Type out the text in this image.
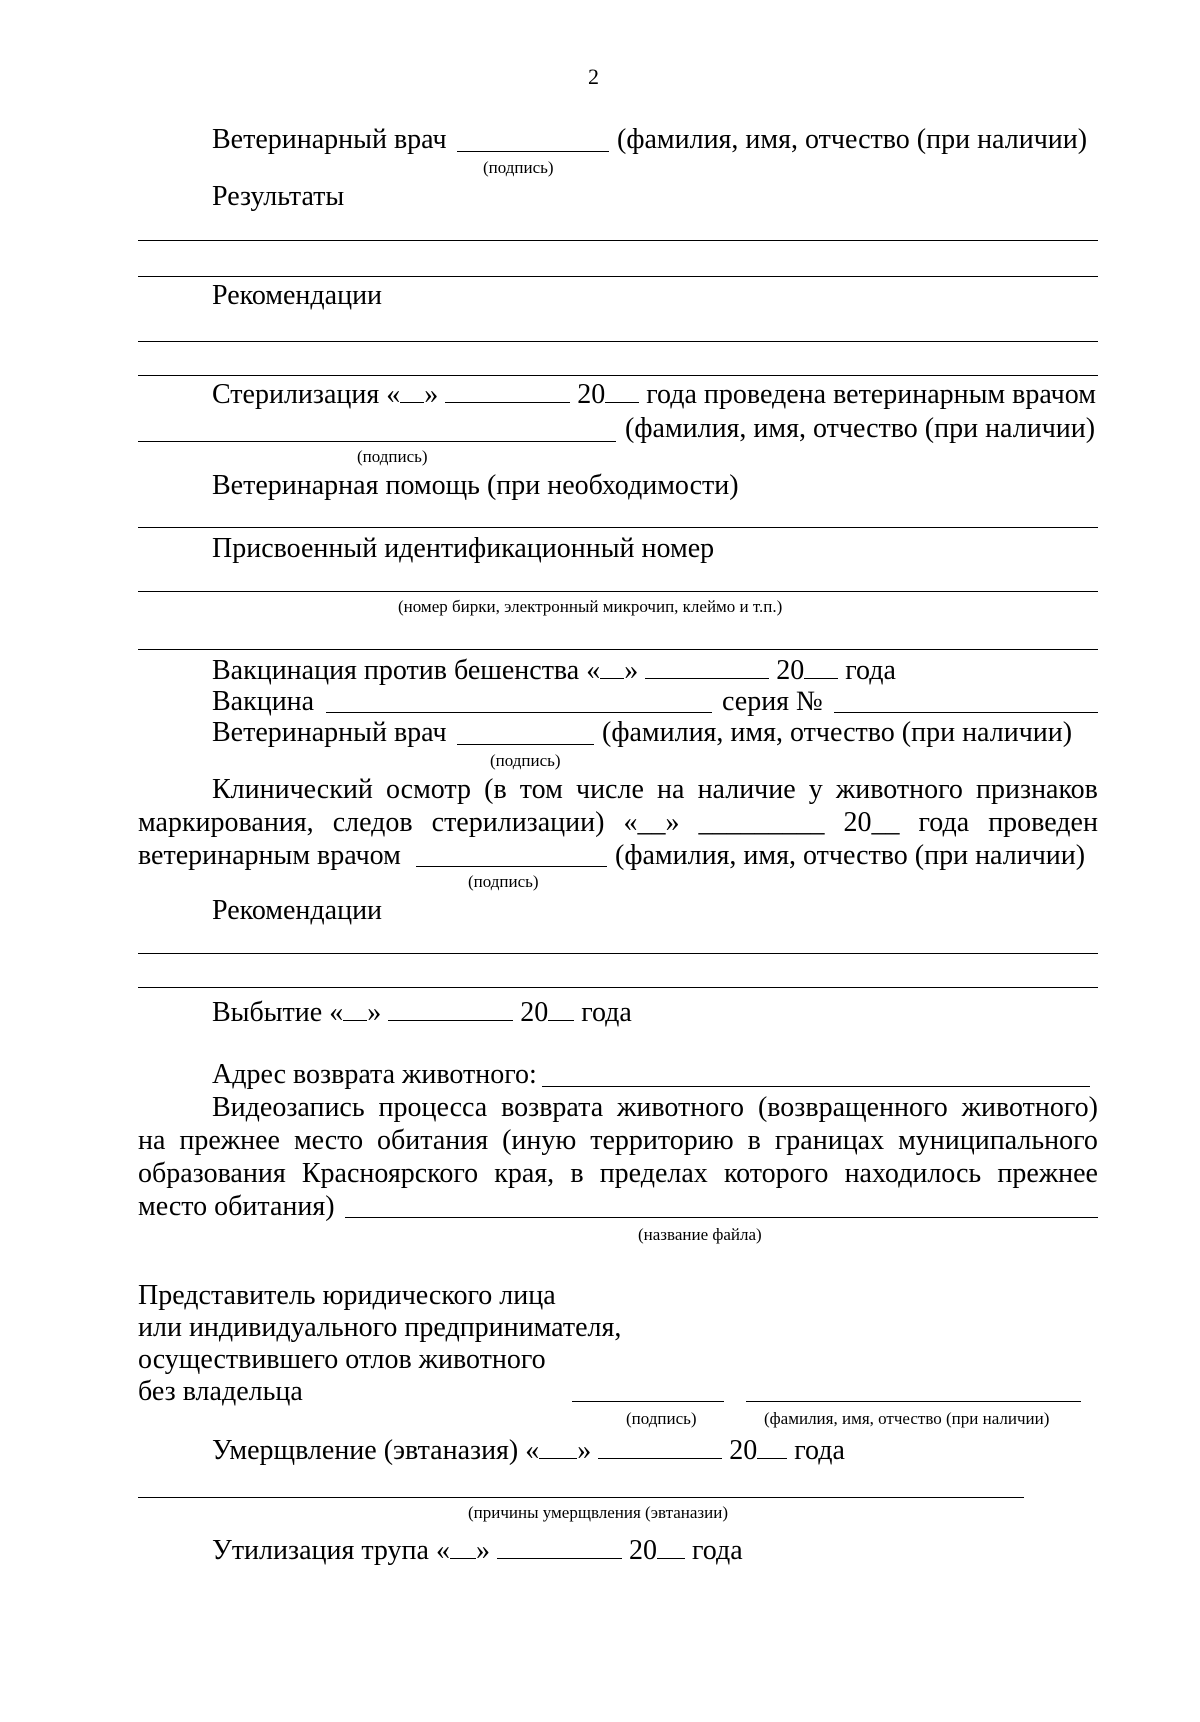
2
Ветеринарный врач	(фамилия, имя, отчество (при наличии)
(подпись)
Результаты
Рекомендации
Стерилизация « »	20 года проведена ветеринарным врачом
(фамилия, имя, отчество (при наличии)
(подпись)
Ветеринарная помощь (при необходимости)
Присвоенный идентификационный номер
(номер бирки, электронный микрочип, клеймо и т.п.)
Вакцинация против бешенства « »	20 года
Вакцина	серия №
Ветеринарный врач	(фамилия, имя, отчество (при наличии)
(подпись)
Клинический осмотр (в том числе на наличие у животного признаков
маркирования, следов стерилизации) «__» _________ 20__ года проведен
ветеринарным врачом	(фамилия, имя, отчество (при наличии)
(подпись)
Рекомендации
Выбытие « »	20 года
Адрес возврата животного:
Видеозапись процесса возврата животного (возвращенного животного)
на прежнее место обитания (иную территорию в границах муниципального
образования Красноярского края, в пределах которого находилось прежнее
место обитания)
(название файла)
Представитель юридического лица
или индивидуального предпринимателя,
осуществившего отлов животного
без владельца
(подпись)	(фамилия, имя, отчество (при наличии)
Умерщвление (эвтаназия) « »	20 года
(причины умерщвления (эвтаназии)
Утилизация трупа « »	20 года
